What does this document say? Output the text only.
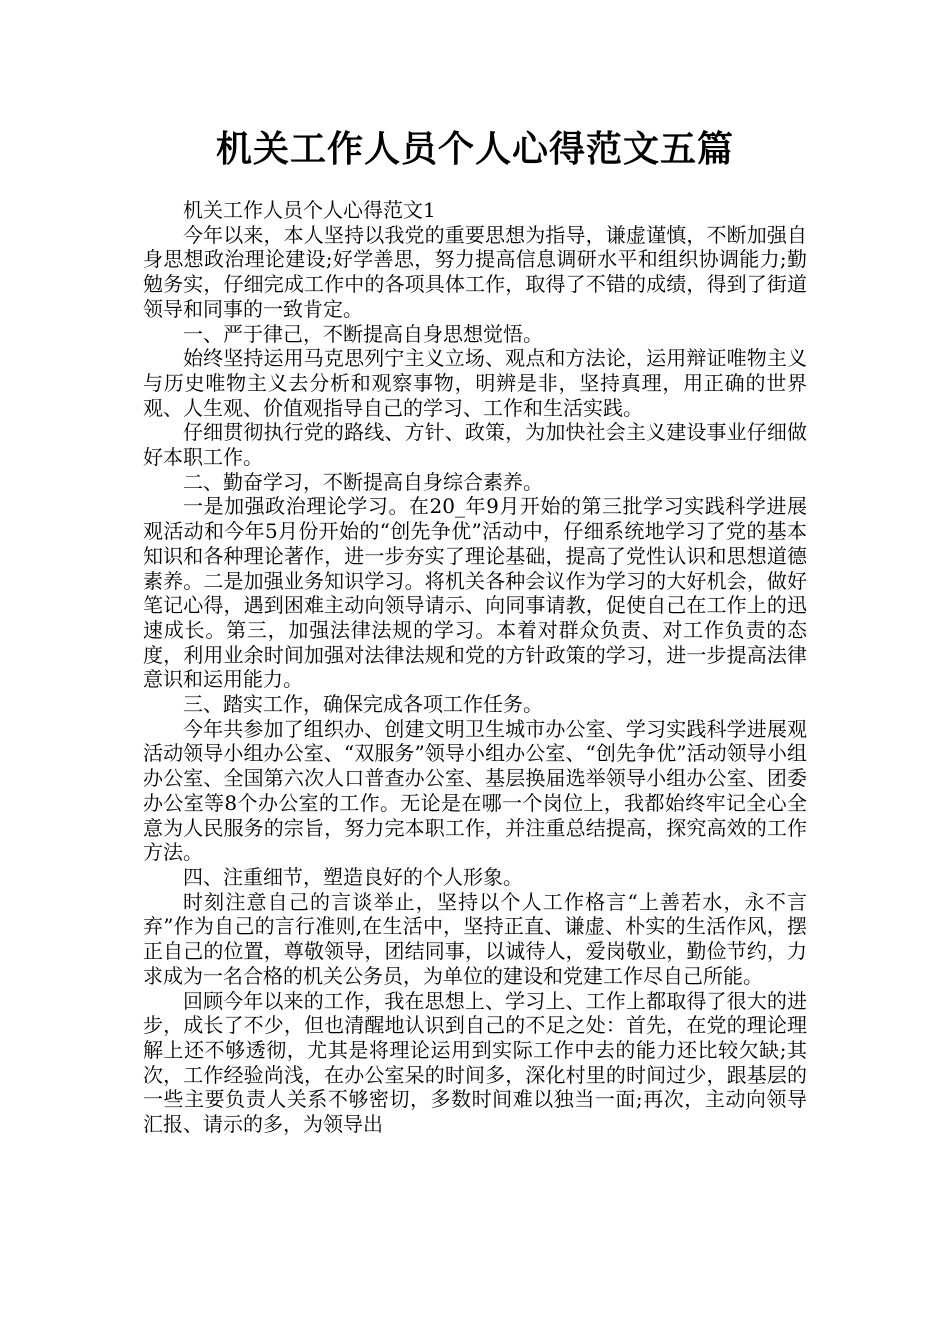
机关工作人员个人心得范文五篇

机关工作人员个人心得范文1

今年以来，本人坚持以我党的重要思想为指导，谦虚谨慎，不断加强自身思想政治理论建设;好学善思，努力提高信息调研水平和组织协调能力;勤勉务实，仔细完成工作中的各项具体工作，取得了不错的成绩，得到了街道领导和同事的一致肯定。

一、严于律己，不断提高自身思想觉悟。

始终坚持运用马克思列宁主义立场、观点和方法论，运用辩证唯物主义与历史唯物主义去分析和观察事物，明辨是非，坚持真理，用正确的世界观、人生观、价值观指导自己的学习、工作和生活实践。

仔细贯彻执行党的路线、方针、政策，为加快社会主义建设事业仔细做好本职工作。

二、勤奋学习，不断提高自身综合素养。

一是加强政治理论学习。在20_年9月开始的第三批学习实践科学进展观活动和今年5月份开始的“创先争优”活动中，仔细系统地学习了党的基本知识和各种理论著作，进一步夯实了理论基础，提高了党性认识和思想道德素养。二是加强业务知识学习。将机关各种会议作为学习的大好机会，做好笔记心得，遇到困难主动向领导请示、向同事请教，促使自己在工作上的迅速成长。第三，加强法律法规的学习。本着对群众负责、对工作负责的态度，利用业余时间加强对法律法规和党的方针政策的学习，进一步提高法律意识和运用能力。

三、踏实工作，确保完成各项工作任务。

今年共参加了组织办、创建文明卫生城市办公室、学习实践科学进展观活动领导小组办公室、“双服务”领导小组办公室、“创先争优”活动领导小组办公室、全国第六次人口普查办公室、基层换届选举领导小组办公室、团委办公室等8个办公室的工作。无论是在哪一个岗位上，我都始终牢记全心全意为人民服务的宗旨，努力完本职工作，并注重总结提高，探究高效的工作方法。

四、注重细节，塑造良好的个人形象。

时刻注意自己的言谈举止，坚持以个人工作格言“上善若水，永不言弃”作为自己的言行准则,在生活中，坚持正直、谦虚、朴实的生活作风，摆正自己的位置，尊敬领导，团结同事，以诚待人，爱岗敬业，勤俭节约，力求成为一名合格的机关公务员，为单位的建设和党建工作尽自己所能。

回顾今年以来的工作，我在思想上、学习上、工作上都取得了很大的进步，成长了不少，但也清醒地认识到自己的不足之处：首先，在党的理论理解上还不够透彻，尤其是将理论运用到实际工作中去的能力还比较欠缺;其次，工作经验尚浅，在办公室呆的时间多，深化村里的时间过少，跟基层的一些主要负责人关系不够密切，多数时间难以独当一面;再次，主动向领导汇报、请示的多，为领导出
